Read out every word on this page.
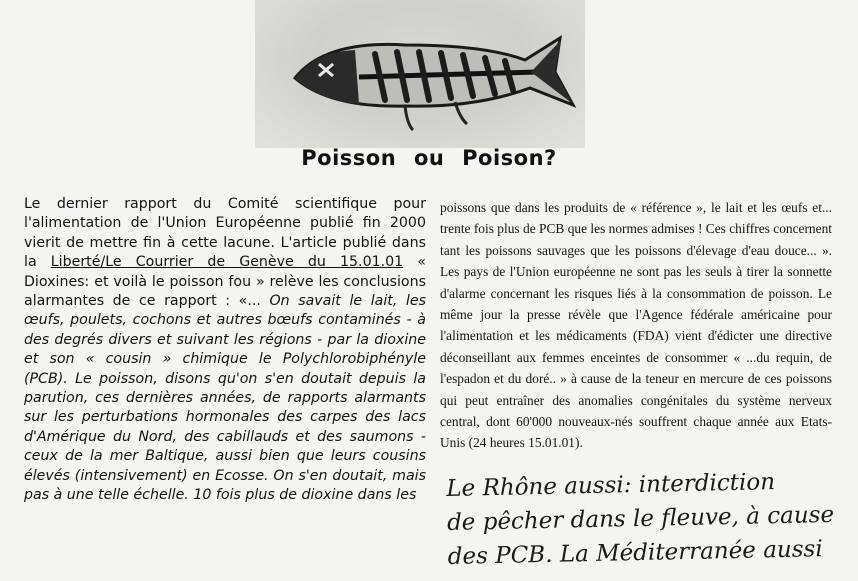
Poisson ou Poison?
Le dernier rapport du Comité scientifique pour l'alimentation de l'Union Européenne publié fin 2000 vierit de mettre fin à cette lacune. L'article publié dans la Liberté/Le Courrier de Genève du 15.01.01 « Dioxines: et voilà le poisson fou » relève les conclusions alarmantes de ce rapport : «... On savait le lait, les œufs, poulets, cochons et autres bœufs contaminés - à des degrés divers et suivant les régions - par la dioxine et son « cousin » chimique le Polychlorobiphényle (PCB). Le poisson, disons qu'on s'en doutait depuis la parution, ces dernières années, de rapports alarmants sur les perturbations hormonales des carpes des lacs d'Amérique du Nord, des cabillauds et des saumons - ceux de la mer Baltique, aussi bien que leurs cousins élevés (intensivement) en Ecosse. On s'en doutait, mais pas à une telle échelle. 10 fois plus de dioxine dans les
poissons que dans les produits de « référence », le lait et les œufs et... trente fois plus de PCB que les normes admises ! Ces chiffres concernent tant les poissons sauvages que les poissons d'élevage d'eau douce... ». Les pays de l'Union européenne ne sont pas les seuls à tirer la sonnette d'alarme concernant les risques liés à la consommation de poisson. Le même jour la presse révèle que l'Agence fédérale américaine pour l'alimentation et les médicaments (FDA) vient d'édicter une directive déconseillant aux femmes enceintes de consommer « ...du requin, de l'espadon et du doré.. » à cause de la teneur en mercure de ces poissons qui peut entraîner des anomalies congénitales du système nerveux central, dont 60'000 nouveaux-nés souffrent chaque année aux Etats-Unis (24 heures 15.01.01).
Le Rhône aussi: interdiction
de pêcher dans le fleuve, à cause
des PCB. La Méditerranée aussi
